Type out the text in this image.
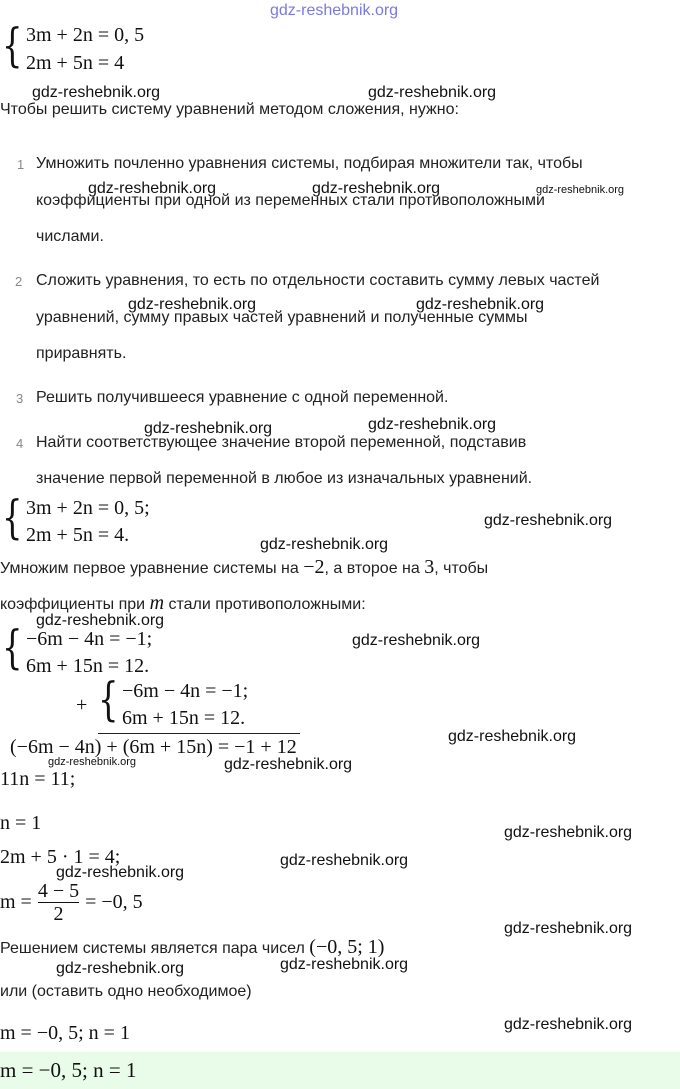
gdz-reshebnik.org
{ 3m + 2n = 0, 5
2m + 5n = 4
gdz-reshebnik.org	gdz-reshebnik.org
Чтобы решить систему уравнений методом сложения, нужно:
1 Умножить почленно уравнения системы, подбирая множители так, чтобы
gdz-reshebnik.org	gdz-reshebnik.org	gdz-reshebnik.org
коэффициенты при одной из переменных стали противоположными
числами.
2 Сложить уравнения, то есть по отдельности составить сумму левых частей
gdz-reshebnik.org	gdz-reshebnik.org
уравнений, сумму правых частей уравнений и полученные суммы
приравнять.
3 Решить получившееся уравнение с одной переменной.
gdz-reshebnik.org	gdz-reshebnik.org
4 Найти соответствующее значение второй переменной, подставив
значение первой переменной в любое из изначальных уравнений.
{ 3m + 2n = 0, 5;
2m + 5n = 4.
gdz-reshebnik.org
gdz-reshebnik.org
Умножим первое уравнение системы на −2, а второе на 3, чтобы
коэффициенты при m стали противоположными:
gdz-reshebnik.org
{ −6m − 4n = −1;
6m + 15n = 12.
gdz-reshebnik.org
+ { −6m − 4n = −1;
6m + 15n = 12.
(−6m − 4n) + (6m + 15n) = −1 + 12	gdz-reshebnik.org
gdz-reshebnik.org	gdz-reshebnik.org
11n = 11;
n = 1	gdz-reshebnik.org
2m + 5 · 1 = 4;	gdz-reshebnik.org
gdz-reshebnik.org
$m = \frac{4 - 5}{2} = -0$, 5
gdz-reshebnik.org
Решением системы является пара чисел (−0, 5; 1)
gdz-reshebnik.org	gdz-reshebnik.org
или (оставить одно необходимое)
m = −0, 5; n = 1	gdz-reshebnik.org
m = −0, 5; n = 1
